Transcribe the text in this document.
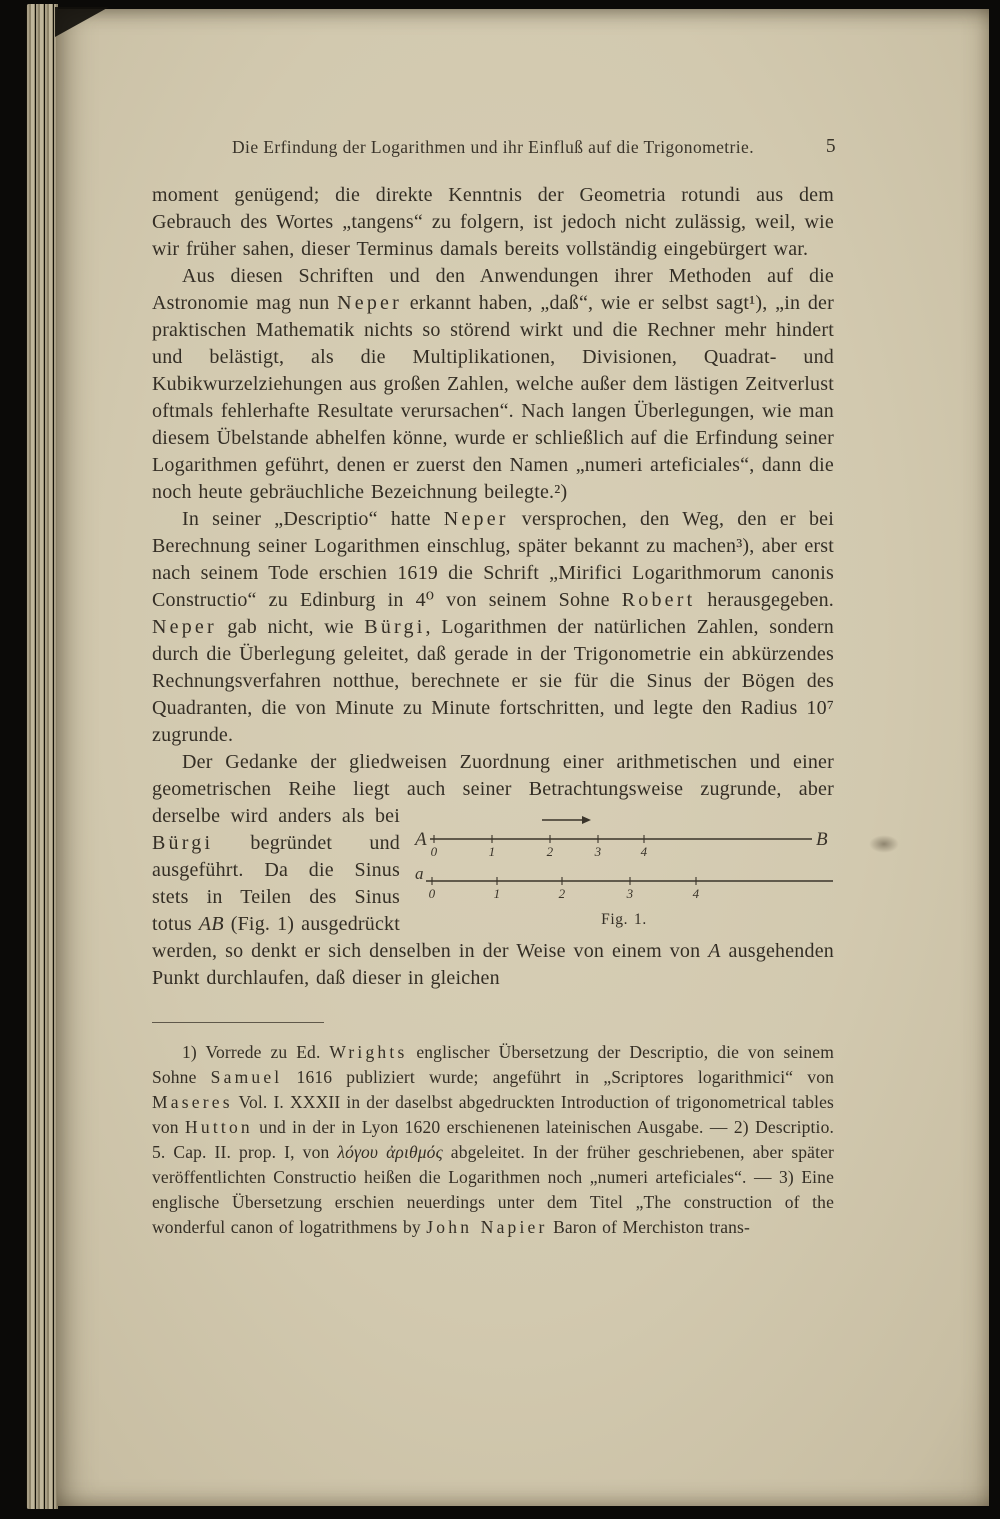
Die Erfindung der Logarithmen und ihr Einfluß auf die Trigonometrie.	5

moment genügend; die direkte Kenntnis der Geometria rotundi aus dem Gebrauch des Wortes „tangens“ zu folgern, ist jedoch nicht zulässig, weil, wie wir früher sahen, dieser Terminus damals bereits vollständig eingebürgert war.

Aus diesen Schriften und den Anwendungen ihrer Methoden auf die Astronomie mag nun Neper erkannt haben, „daß“, wie er selbst sagt¹), „in der praktischen Mathematik nichts so störend wirkt und die Rechner mehr hindert und belästigt, als die Multiplikationen, Divisionen, Quadrat- und Kubikwurzelziehungen aus großen Zahlen, welche außer dem lästigen Zeitverlust oftmals fehlerhafte Resultate verursachen“. Nach langen Überlegungen, wie man diesem Übelstande abhelfen könne, wurde er schließlich auf die Erfindung seiner Logarithmen geführt, denen er zuerst den Namen „numeri arteficiales“, dann die noch heute gebräuchliche Bezeichnung beilegte.²)

In seiner „Descriptio“ hatte Neper versprochen, den Weg, den er bei Berechnung seiner Logarithmen einschlug, später bekannt zu machen³), aber erst nach seinem Tode erschien 1619 die Schrift „Mirifici Logarithmorum canonis Constructio“ zu Edinburg in 4⁰ von seinem Sohne Robert herausgegeben. Neper gab nicht, wie Bürgi, Logarithmen der natürlichen Zahlen, sondern durch die Überlegung geleitet, daß gerade in der Trigonometrie ein abkürzendes Rechnungsverfahren notthue, berechnete er sie für die Sinus der Bögen des Quadranten, die von Minute zu Minute fortschritten, und legte den Radius 10⁷ zugrunde.

Der Gedanke der gliedweisen Zuordnung einer arithmetischen und einer geometrischen Reihe liegt auch seiner Betrachtungsweise
A	B
0	1	2	3	4
a
0	1	2	3	4
Fig. 1.
zugrunde, aber derselbe wird anders als bei Bürgi begründet und ausgeführt. Da die Sinus stets in Teilen des Sinus totus AB (Fig. 1) ausgedrückt werden, so denkt er sich denselben in der Weise von einem von A ausgehenden Punkt durchlaufen, daß dieser in gleichen

1) Vorrede zu Ed. Wrights englischer Übersetzung der Descriptio, die von seinem Sohne Samuel 1616 publiziert wurde; angeführt in „Scriptores logarithmici“ von Maseres Vol. I. XXXII in der daselbst abgedruckten Introduction of trigonometrical tables von Hutton und in der in Lyon 1620 erschienenen lateinischen Ausgabe. — 2) Descriptio. 5. Cap. II. prop. I, von λόγου ἀριθμός abgeleitet. In der früher geschriebenen, aber später veröffentlichten Constructio heißen die Logarithmen noch „numeri arteficiales“. — 3) Eine englische Übersetzung erschien neuerdings unter dem Titel „The construction of the wonderful canon of logatrithmens by John Napier Baron of Merchiston trans-
